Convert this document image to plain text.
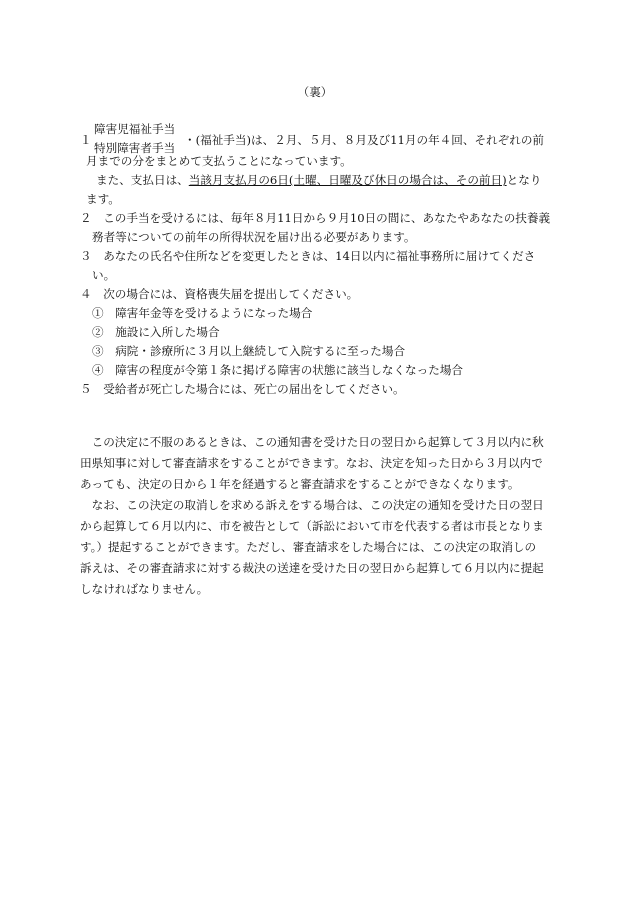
（裏）
１
障害児福祉手当
特別障害者手当
・(福祉手当)は、２月、５月、８月及び11月の年４回、それぞれの前
月までの分をまとめて支払うことになっています。
また、支払日は、当該月支払月の6日(土曜、日曜及び休日の場合は、その前日)となり
ます。
２　この手当を受けるには、毎年８月11日から９月10日の間に、あなたやあなたの扶養義
務者等についての前年の所得状況を届け出る必要があります。
３　あなたの氏名や住所などを変更したときは、14日以内に福祉事務所に届けてくださ
い。
４　次の場合には、資格喪失届を提出してください。
①　障害年金等を受けるようになった場合
②　施設に入所した場合
③　病院・診療所に３月以上継続して入院するに至った場合
④　障害の程度が令第１条に掲げる障害の状態に該当しなくなった場合
５　受給者が死亡した場合には、死亡の届出をしてください。

　この決定に不服のあるときは、この通知書を受けた日の翌日から起算して３月以内に秋

田県知事に対して審査請求をすることができます。なお、決定を知った日から３月以内で

あっても、決定の日から１年を経過すると審査請求をすることができなくなります。

　なお、この決定の取消しを求める訴えをする場合は、この決定の通知を受けた日の翌日

から起算して６月以内に、市を被告として（訴訟において市を代表する者は市長となりま

す。）提起することができます。ただし、審査請求をした場合には、この決定の取消しの

訴えは、その審査請求に対する裁決の送達を受けた日の翌日から起算して６月以内に提起

しなければなりません。
